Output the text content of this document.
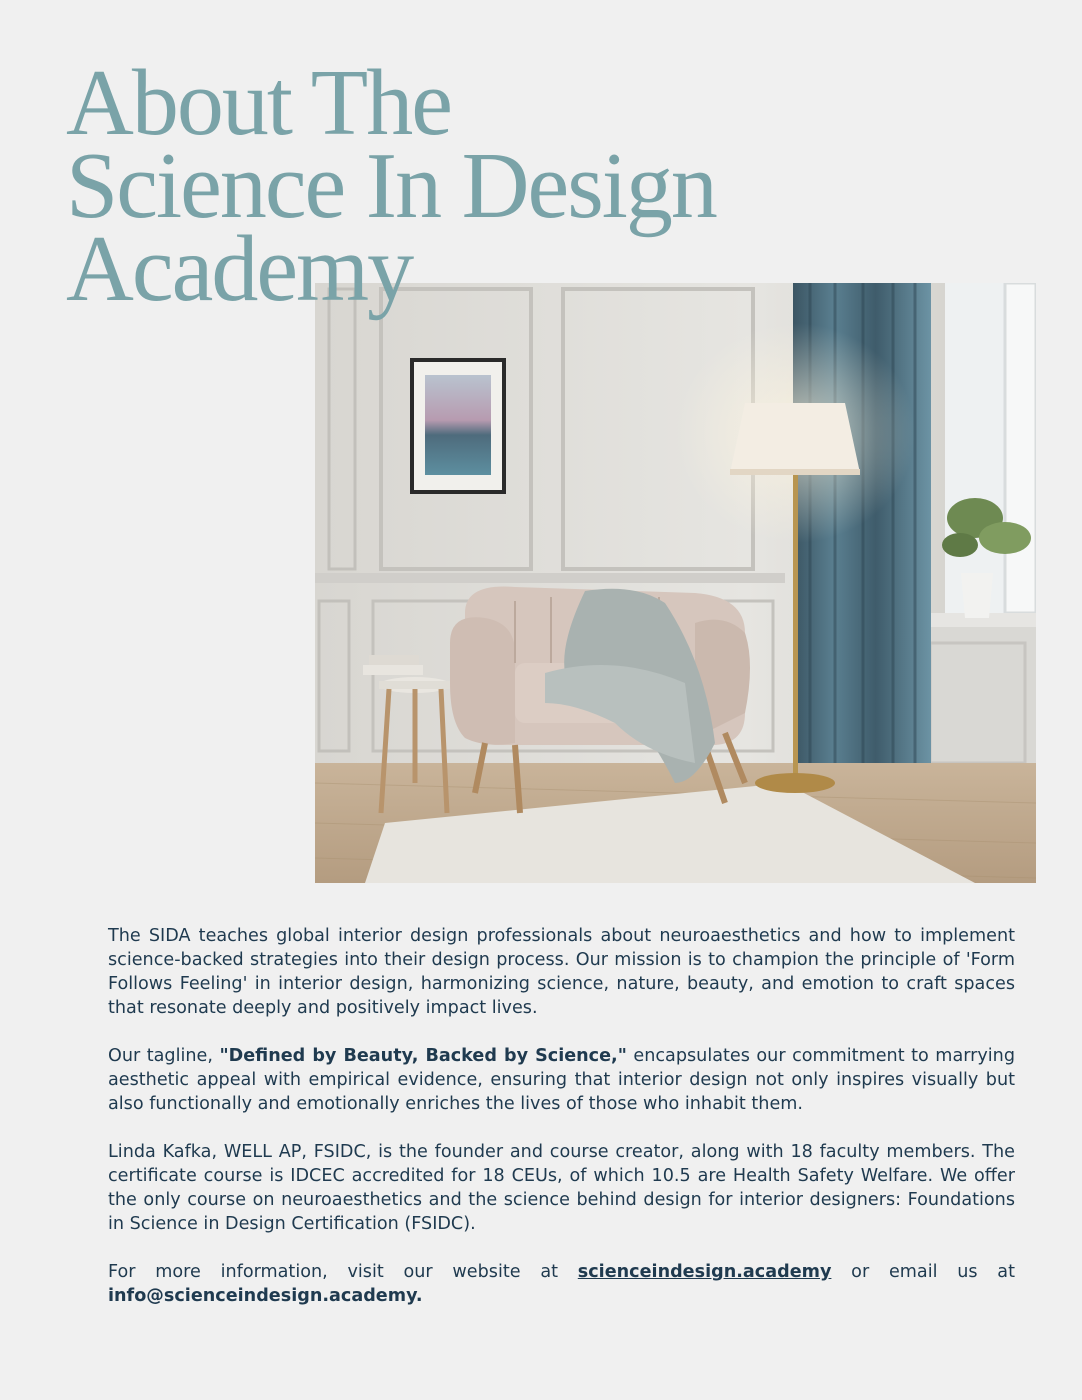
About The
Science In Design
Academy

The SIDA teaches global interior design professionals about neuroaesthetics and how to implement science-backed strategies into their design process. Our mission is to champion the principle of 'Form Follows Feeling' in interior design, harmonizing science, nature, beauty, and emotion to craft spaces that resonate deeply and positively impact lives.

Our tagline, "Defined by Beauty, Backed by Science," encapsulates our commitment to marrying aesthetic appeal with empirical evidence, ensuring that interior design not only inspires visually but also functionally and emotionally enriches the lives of those who inhabit them.

Linda Kafka, WELL AP, FSIDC, is the founder and course creator, along with 18 faculty members. The certificate course is IDCEC accredited for 18 CEUs, of which 10.5 are Health Safety Welfare. We offer the only course on neuroaesthetics and the science behind design for interior designers: Foundations in Science in Design Certification (FSIDC).

For more information, visit our website at scienceindesign.academy or email us at info@scienceindesign.academy.
